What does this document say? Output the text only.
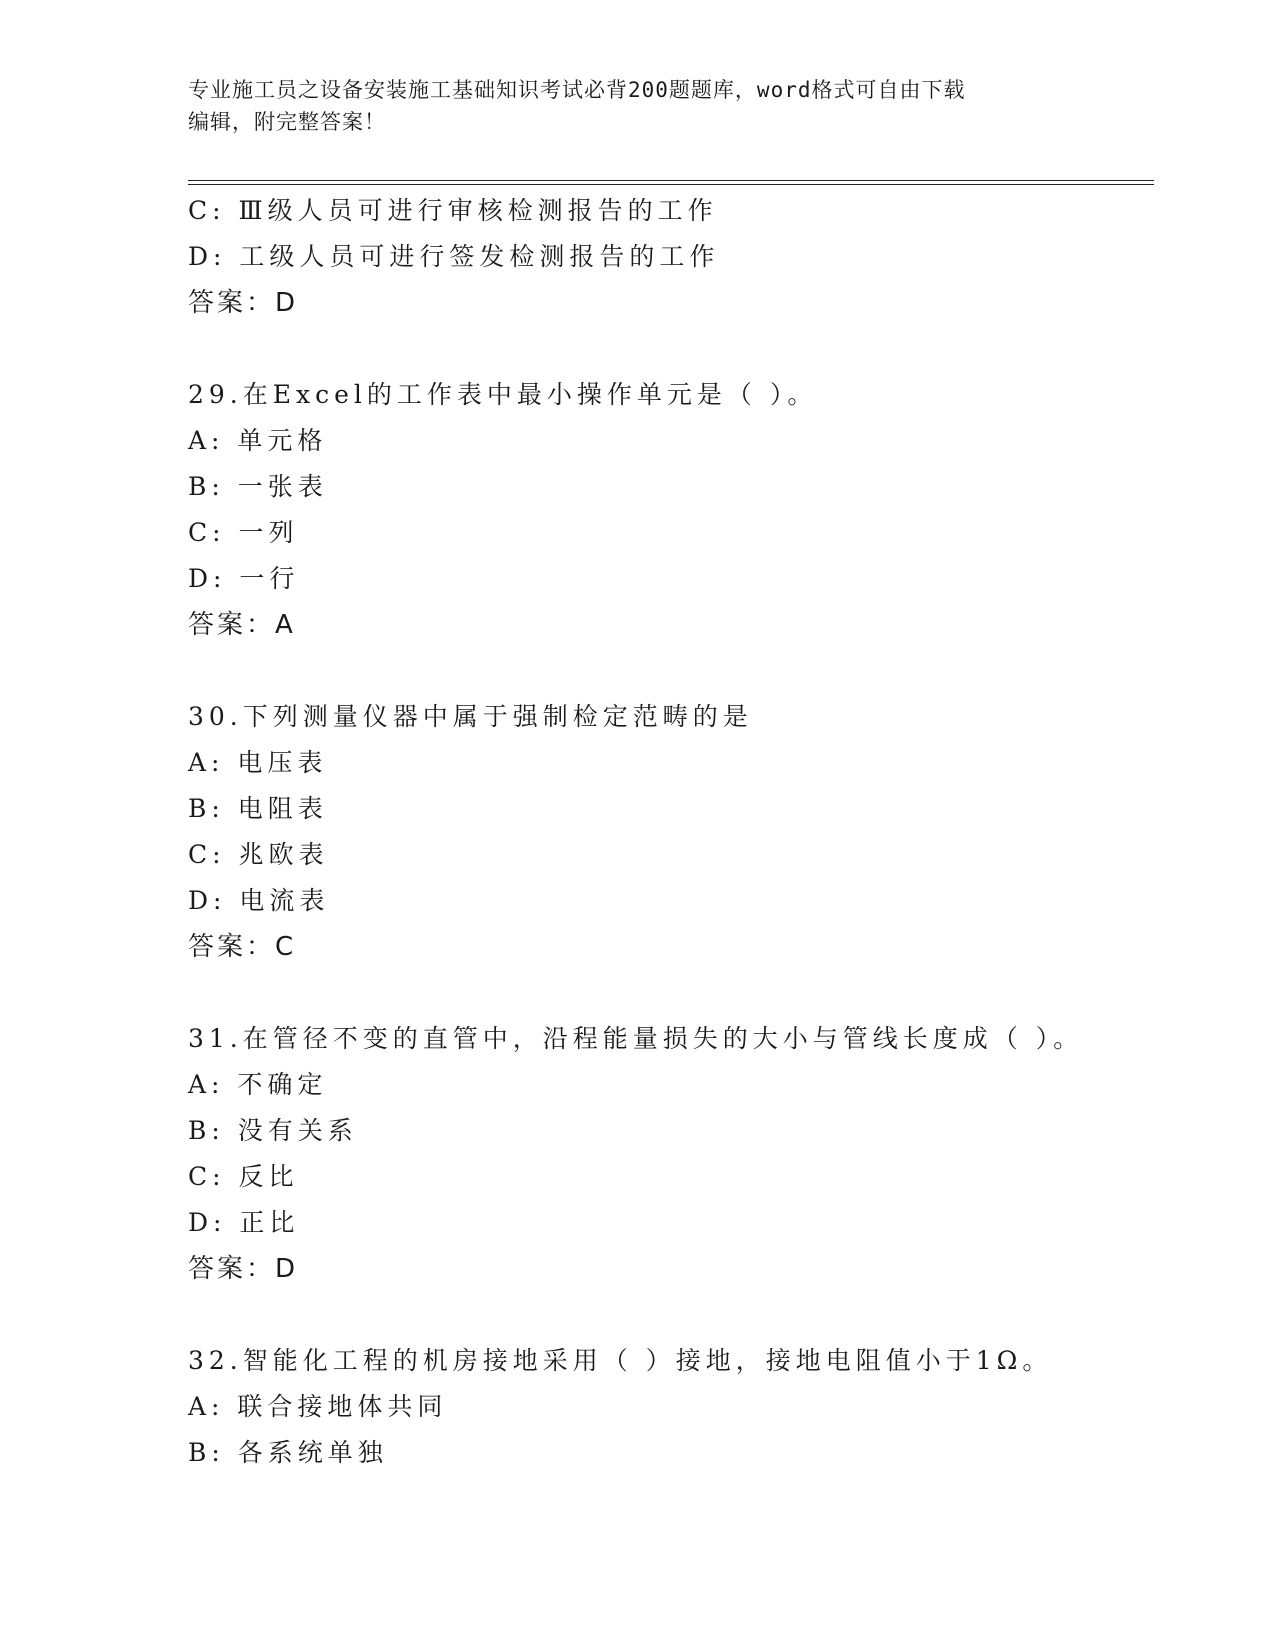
专业施工员之设备安装施工基础知识考试必背200题题库，word格式可自由下载
编辑，附完整答案！
C: Ⅲ级人员可进行审核检测报告的工作
D: 工级人员可进行签发检测报告的工作
答案：D
29.在Excel的工作表中最小操作单元是（ ）。
A: 单元格
B: 一张表
C: 一列
D: 一行
答案：A
30.下列测量仪器中属于强制检定范畴的是
A: 电压表
B: 电阻表
C: 兆欧表
D: 电流表
答案：C
31.在管径不变的直管中，沿程能量损失的大小与管线长度成（ ）。
A: 不确定
B: 没有关系
C: 反比
D: 正比
答案：D
32.智能化工程的机房接地采用（ ）接地，接地电阻值小于1Ω。
A: 联合接地体共同
B: 各系统单独
